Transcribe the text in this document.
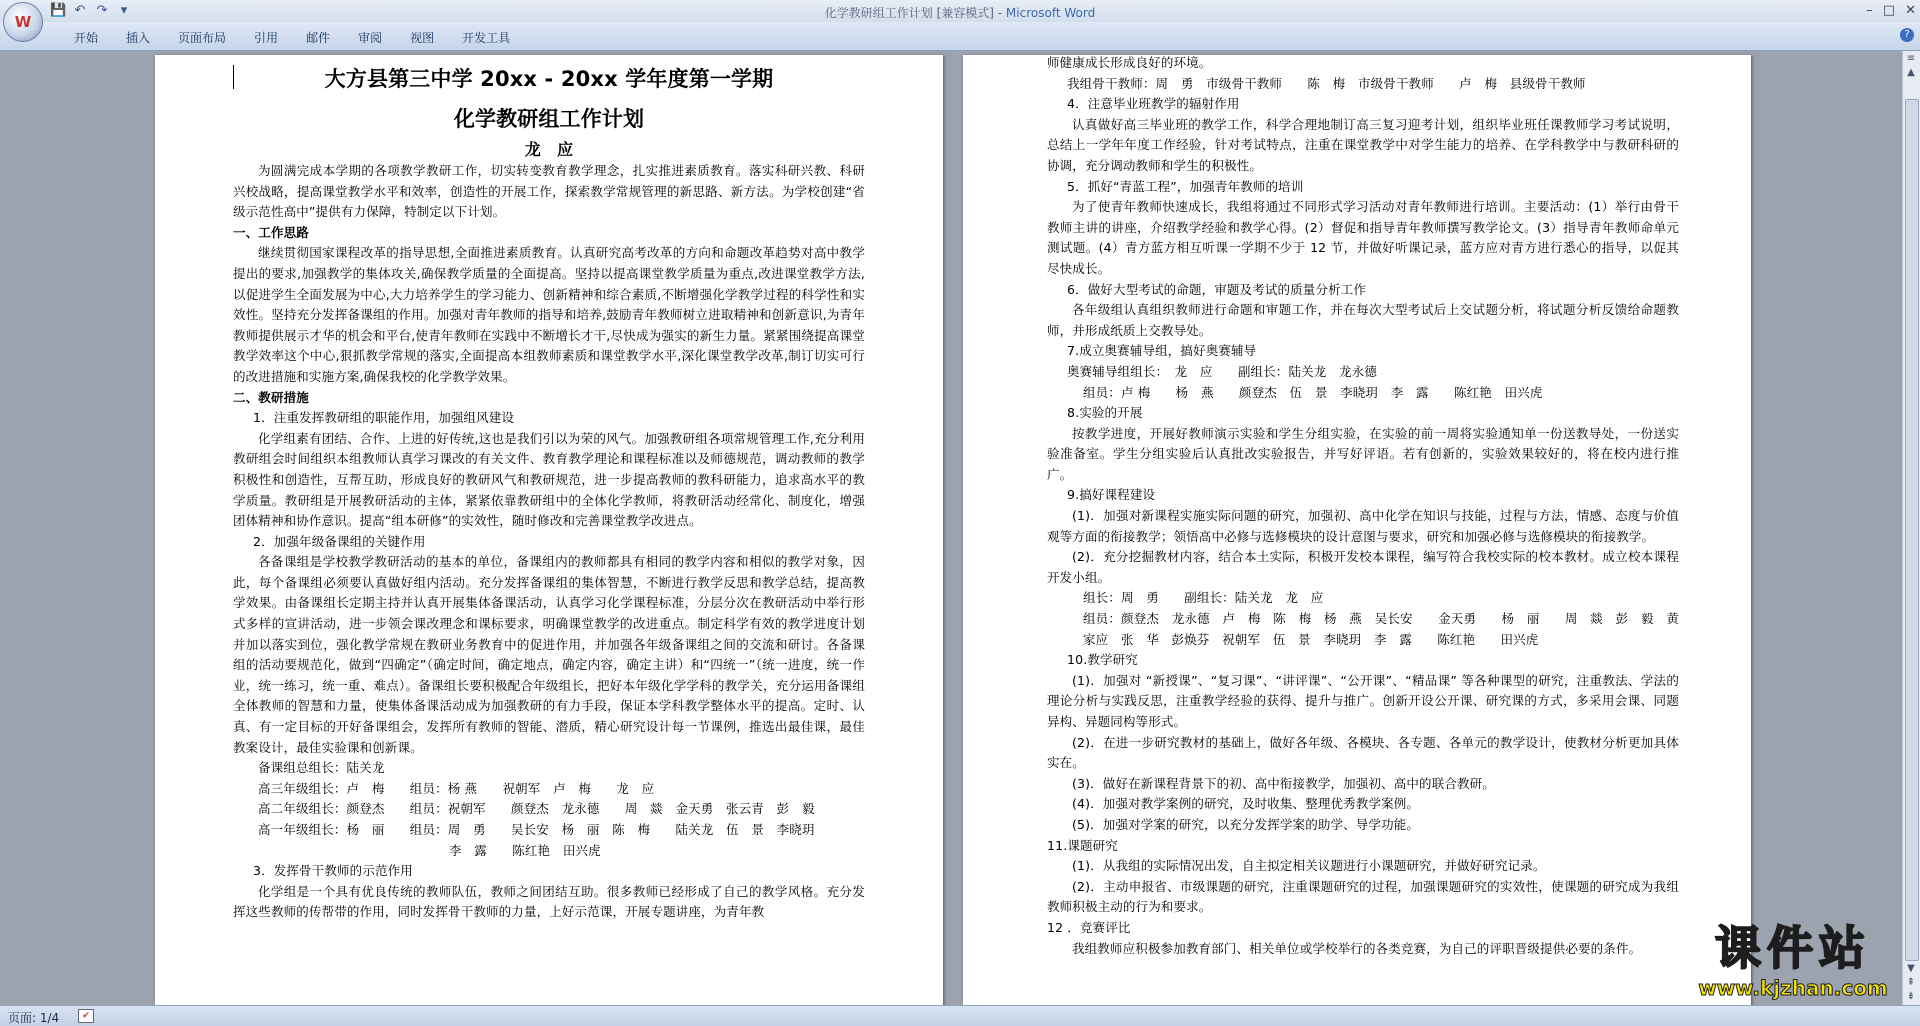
💾 ↶ ↷	▾	化学教研组工作计划 [兼容模式] - Microsoft Word	– □ ✕
W
开始	插入	页面布局	引用	邮件	审阅	视图	开发工具	?

大方县第三中学 20xx - 20xx 学年度第一学期

化学教研组工作计划

龙　应

为圆满完成本学期的各项教学教研工作，切实转变教育教学理念，扎实推进素质教育。落实科研兴教、科研兴校战略，提高课堂教学水平和效率，创造性的开展工作，探索教学常规管理的新思路、新方法。为学校创建“省级示范性高中”提供有力保障，特制定以下计划。

一、工作思路

继续贯彻国家课程改革的指导思想,全面推进素质教育。认真研究高考改革的方向和命题改革趋势对高中教学提出的要求,加强教学的集体攻关,确保教学质量的全面提高。坚持以提高课堂教学质量为重点,改进课堂教学方法,以促进学生全面发展为中心,大力培养学生的学习能力、创新精神和综合素质,不断增强化学教学过程的科学性和实效性。坚持充分发挥备课组的作用。加强对青年教师的指导和培养,鼓励青年教师树立进取精神和创新意识,为青年教师提供展示才华的机会和平台,使青年教师在实践中不断增长才干,尽快成为强实的新生力量。紧紧围绕提高课堂教学效率这个中心,狠抓教学常规的落实,全面提高本组教师素质和课堂教学水平,深化课堂教学改革,制订切实可行的改进措施和实施方案,确保我校的化学教学效果。

二、教研措施

1．注重发挥教研组的职能作用，加强组风建设

化学组素有团结、合作、上进的好传统,这也是我们引以为荣的风气。加强教研组各项常规管理工作,充分利用教研组会时间组织本组教师认真学习课改的有关文件、教育教学理论和课程标准以及师德规范，调动教师的教学积极性和创造性，互帮互助，形成良好的教研风气和教研规范，进一步提高教师的教科研能力，追求高水平的教学质量。教研组是开展教研活动的主体，紧紧依靠教研组中的全体化学教师，将教研活动经常化、制度化，增强团体精神和协作意识。提高“组本研修”的实效性，随时修改和完善课堂教学改进点。

2．加强年级备课组的关键作用

各备课组是学校教学教研活动的基本的单位，备课组内的教师都具有相同的教学内容和相似的教学对象，因此，每个备课组必须要认真做好组内活动。充分发挥备课组的集体智慧，不断进行教学反思和教学总结，提高教学效果。由备课组长定期主持并认真开展集体备课活动，认真学习化学课程标准，分层分次在教研活动中举行形式多样的宣讲活动，进一步领会课改理念和课标要求，明确课堂教学的改进重点。制定科学有效的教学进度计划并加以落实到位，强化教学常规在教研业务教育中的促进作用，并加强各年级备课组之间的交流和研讨。各备课组的活动要规范化，做到“四确定”（确定时间，确定地点，确定内容，确定主讲）和“四统一”（统一进度，统一作业，统一练习，统一重、难点）。备课组长要积极配合年级组长，把好本年级化学学科的教学关，充分运用备课组全体教师的智慧和力量，使集体备课活动成为加强教研的有力手段，保证本学科教学整体水平的提高。定时、认真、有一定目标的开好备课组会，发挥所有教师的智能、潜质，精心研究设计每一节课例，推选出最佳课，最佳教案设计，最佳实验课和创新课。

备课组总组长：陆关龙

高三年级组长：卢　梅　　组员：杨 燕　　祝朝军　卢　梅　　龙　应

高二年级组长：颜登杰　　组员：祝朝军　　颜登杰　龙永德　　周　燚　金天勇　张云青　彭　毅

高一年级组长：杨　丽　　组员：周　勇　　吴长安　杨　丽　陈　梅　　陆关龙　伍　景　李晓玥

李　露　　陈红艳　田兴虎

3．发挥骨干教师的示范作用

化学组是一个具有优良传统的教师队伍，教师之间团结互助。很多教师已经形成了自己的教学风格。充分发挥这些教师的传帮带的作用，同时发挥骨干教师的力量，上好示范课，开展专题讲座，为青年教

师健康成长形成良好的环境。

我组骨干教师：周　勇　市级骨干教师　　陈　梅　市级骨干教师　　卢　梅　县级骨干教师

4．注意毕业班教学的辐射作用

认真做好高三毕业班的教学工作，科学合理地制订高三复习迎考计划，组织毕业班任课教师学习考试说明，总结上一学年年度工作经验，针对考试特点，注重在课堂教学中对学生能力的培养、在学科教学中与教研科研的协调，充分调动教师和学生的积极性。

5．抓好“青蓝工程”，加强青年教师的培训

为了使青年教师快速成长，我组将通过不同形式学习活动对青年教师进行培训。主要活动：(1）举行由骨干教师主讲的讲座，介绍教学经验和教学心得。(2）督促和指导青年教师撰写教学论文。(3）指导青年教师命单元测试题。(4）青方蓝方相互听课一学期不少于 12 节，并做好听课记录，蓝方应对青方进行悉心的指导，以促其尽快成长。

6．做好大型考试的命题，审题及考试的质量分析工作

各年级组认真组织教师进行命题和审题工作，并在每次大型考试后上交试题分析，将试题分析反馈给命题教师，并形成纸质上交教导处。

7.成立奥赛辅导组，搞好奥赛辅导

奥赛辅导组组长：　龙　应　　副组长：陆关龙　龙永德

组员：卢 梅　　杨　燕　　颜登杰　伍　景　李晓玥　李　露　　陈红艳　田兴虎

8.实验的开展

按教学进度，开展好教师演示实验和学生分组实验，在实验的前一周将实验通知单一份送教导处，一份送实验准备室。学生分组实验后认真批改实验报告，并写好评语。若有创新的，实验效果较好的，将在校内进行推广。

9.搞好课程建设

(1)．加强对新课程实施实际问题的研究，加强初、高中化学在知识与技能，过程与方法，情感、态度与价值观等方面的衔接教学；领悟高中必修与选修模块的设计意图与要求，研究和加强必修与选修模块的衔接教学。

(2)．充分挖掘教材内容，结合本土实际，积极开发校本课程，编写符合我校实际的校本教材。成立校本课程开发小组。

组长：周　勇　　副组长：陆关龙　龙　应

组员：颜登杰　龙永德　卢　梅　陈　梅　杨　燕　吴长安　　金天勇　　杨　丽　　周　燚　彭　毅　黄家应　张　华　彭焕芬　祝朝军　伍　景　李晓玥　李　露　　陈红艳　　田兴虎

10.教学研究

(1)．加强对 “新授课”、“复习课”、“讲评课”、“公开课”、“精品课” 等各种课型的研究，注重教法、学法的理论分析与实践反思，注重教学经验的获得、提升与推广。创新开设公开课、研究课的方式，多采用会课、同题异构、异题同构等形式。

(2)．在进一步研究教材的基础上，做好各年级、各模块、各专题、各单元的教学设计，使教材分析更加具体实在。

(3)．做好在新课程背景下的初、高中衔接教学，加强初、高中的联合教研。

(4)．加强对教学案例的研究，及时收集、整理优秀教学案例。

(5)．加强对学案的研究，以充分发挥学案的助学、导学功能。

11.课题研究

(1)．从我组的实际情况出发，自主拟定相关议题进行小课题研究，并做好研究记录。

(2)．主动申报省、市级课题的研究，注重课题研究的过程，加强课题研究的实效性，使课题的研究成为我组教师积极主动的行为和要求。

12 ．竞赛评比

我组教师应积极参加教育部门、相关单位或学校举行的各类竞赛，为自己的评职晋级提供必要的条件。

≡
▲
▼
⇞
⇟
页面: 1/4	✔
课件站
www.kjzhan.com
